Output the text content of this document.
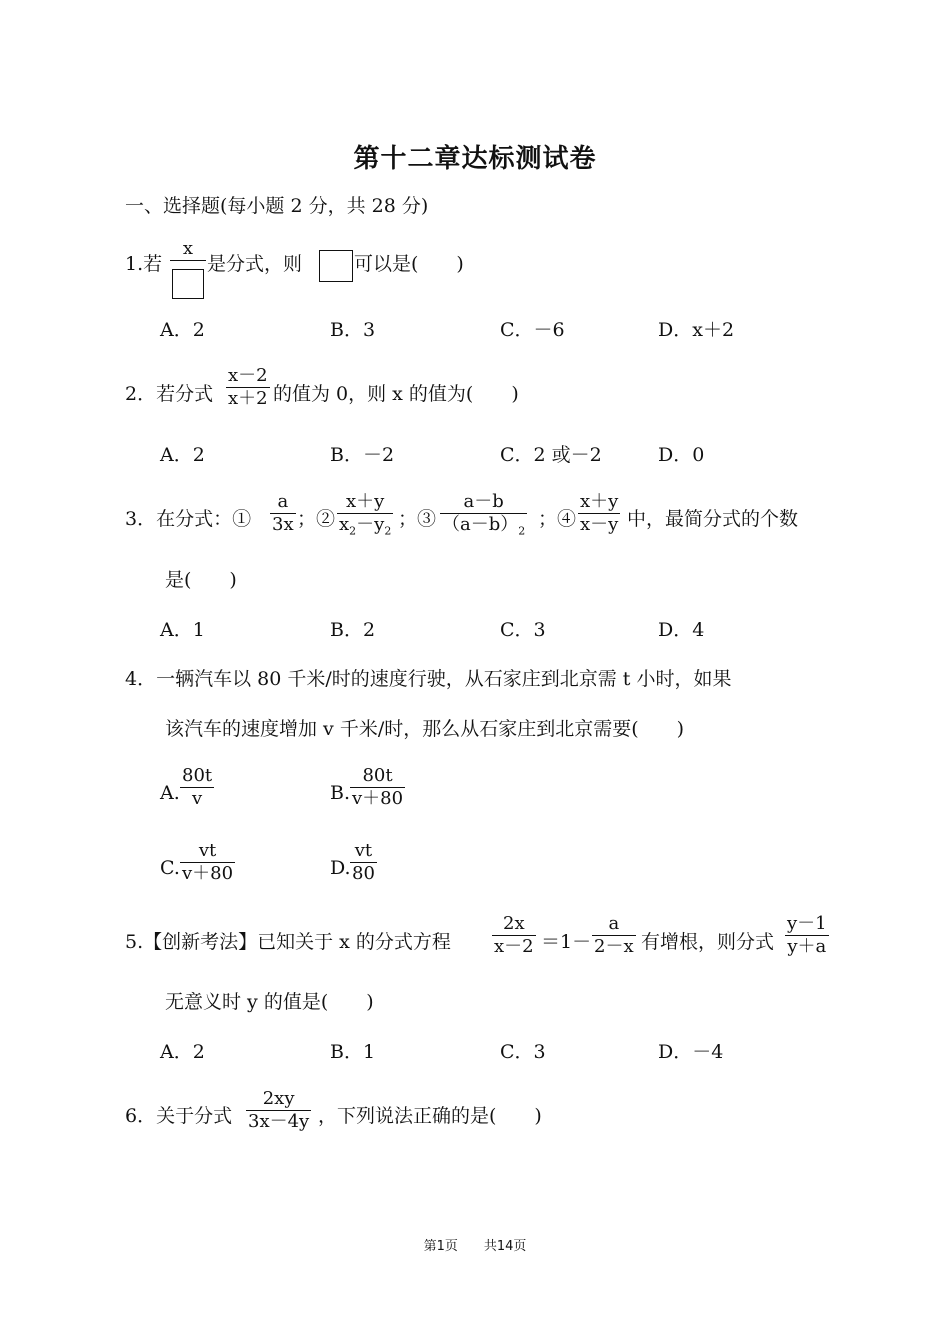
第十二章达标测试卷
一、选择题(每小题 2 分，共 28 分)
1.若
x
是分式，则	可以是(　　)
A．2	B．3	C．－6	D．x＋2
2．若分式 $\frac{x-2}{x+2}$ 的值为 0，则 x 的值为(　　)
A．2	B．－2	C．2 或－2	D．0
3．在分式：① $\frac{a}{3x}$ ；② $\frac{x+y}{x_2-y_2}$ ；③ $\frac{a-b}{(a-b)_2}$ ；④ $\frac{x+y}{x-y}$ 中，最简分式的个数
是(　　)
A．1	B．2	C．3	D．4
4．一辆汽车以 80 千米/时的速度行驶，从石家庄到北京需 t 小时，如果
该汽车的速度增加 v 千米/时，那么从石家庄到北京需要(　　)
A. $\frac{80t}{v}$	B. $\frac{80t}{v+80}$
C. $\frac{vt}{v+80}$	D. $\frac{vt}{80}$
5.【创新考法】已知关于 x 的分式方程 $\frac{2x}{x-2} =1- \frac{a}{2-x}$ 有增根，则分式 $\frac{y-1}{y+a}$
无意义时 y 的值是(　　)
A．2	B．1	C．3	D．－4
6．关于分式 $\frac{2xy}{3x-4y}$ ，下列说法正确的是(　　)
第1页　　共14页
